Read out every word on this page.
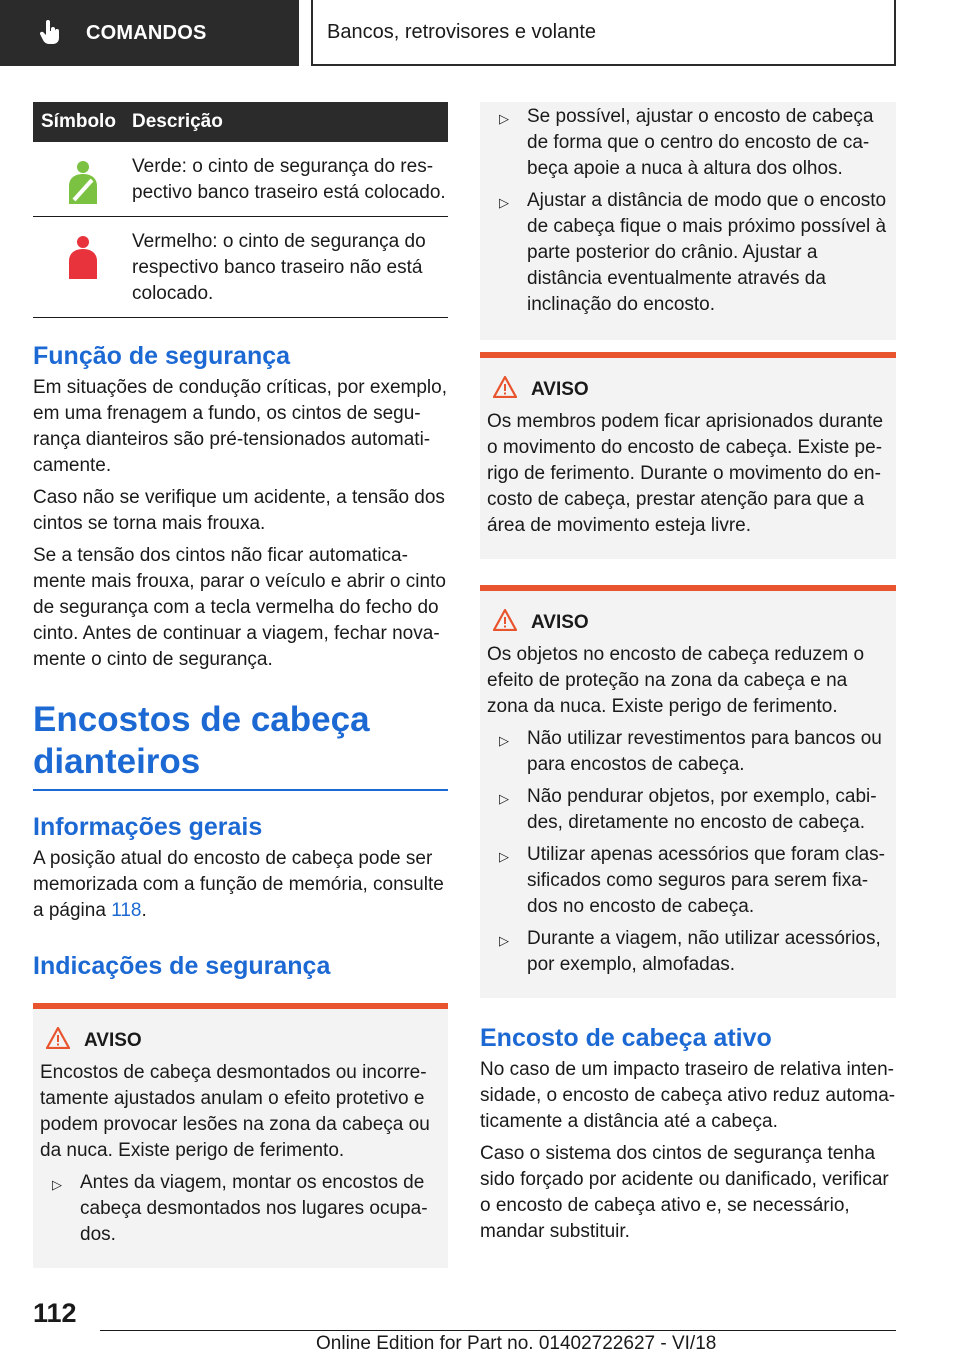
COMANDOS	Bancos, retrovisores e volante
Símbolo Descrição
Verde: o cinto de segurança do respectivo banco traseiro está colocado.
Vermelho: o cinto de segurança do respectivo banco traseiro não está colocado.
Função de segurança

Em situações de condução críticas, por exemplo, em uma frenagem a fundo, os cintos de segurança dianteiros são pré-tensionados automaticamente.

Caso não se verifique um acidente, a tensão dos cintos se torna mais frouxa.

Se a tensão dos cintos não ficar automaticamente mais frouxa, parar o veículo e abrir o cinto de segurança com a tecla vermelha do fecho do cinto. Antes de continuar a viagem, fechar novamente o cinto de segurança.

Encostos de cabeça dianteiros
Informações gerais

A posição atual do encosto de cabeça pode ser memorizada com a função de memória, consulte a página 118.

Indicações de segurança
AVISO

Encostos de cabeça desmontados ou incorretamente ajustados anulam o efeito protetivo e podem provocar lesões na zona da cabeça ou da nuca. Existe perigo de ferimento.

▷ Antes da viagem, montar os encostos de cabeça desmontados nos lugares ocupados.
▷ Se possível, ajustar o encosto de cabeça de forma que o centro do encosto de cabeça apoie a nuca à altura dos olhos.
▷ Ajustar a distância de modo que o encosto de cabeça fique o mais próximo possível à parte posterior do crânio. Ajustar a distância eventualmente através da inclinação do encosto.
AVISO

Os membros podem ficar aprisionados durante o movimento do encosto de cabeça. Existe perigo de ferimento. Durante o movimento do encosto de cabeça, prestar atenção para que a área de movimento esteja livre.

AVISO

Os objetos no encosto de cabeça reduzem o efeito de proteção na zona da cabeça e na zona da nuca. Existe perigo de ferimento.

▷ Não utilizar revestimentos para bancos ou para encostos de cabeça.
▷ Não pendurar objetos, por exemplo, cabides, diretamente no encosto de cabeça.
▷ Utilizar apenas acessórios que foram classificados como seguros para serem fixados no encosto de cabeça.
▷ Durante a viagem, não utilizar acessórios, por exemplo, almofadas.
Encosto de cabeça ativo

No caso de um impacto traseiro de relativa intensidade, o encosto de cabeça ativo reduz automaticamente a distância até a cabeça.

Caso o sistema dos cintos de segurança tenha sido forçado por acidente ou danificado, verificar o encosto de cabeça ativo e, se necessário, mandar substituir.

112
Online Edition for Part no. 01402722627 - VI/18
